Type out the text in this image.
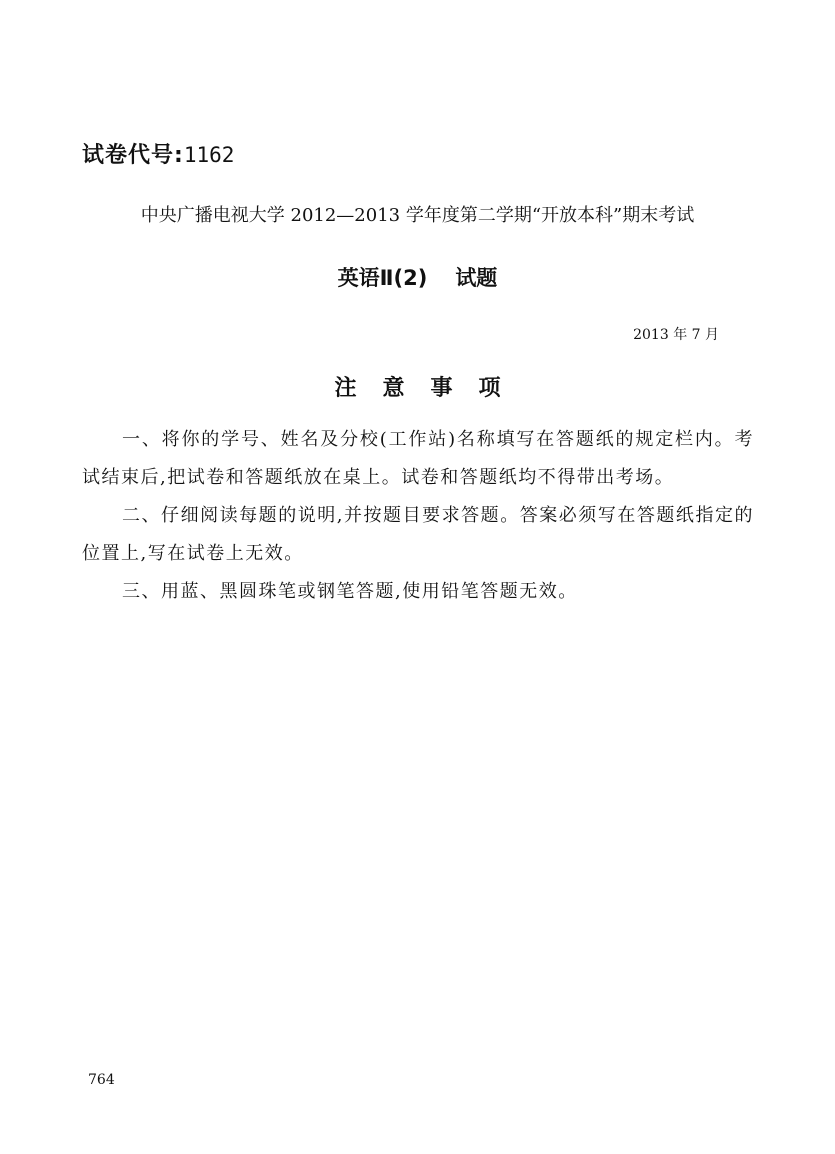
试卷代号:1162
中央广播电视大学 2012—2013 学年度第二学期“开放本科”期末考试
英语Ⅱ(2) 试题
2013 年 7 月
注意事项

一、将你的学号、姓名及分校(工作站)名称填写在答题纸的规定栏内。考试结束后,把试卷和答题纸放在桌上。试卷和答题纸均不得带出考场。

二、仔细阅读每题的说明,并按题目要求答题。答案必须写在答题纸指定的位置上,写在试卷上无效。

三、用蓝、黑圆珠笔或钢笔答题,使用铅笔答题无效。

764
